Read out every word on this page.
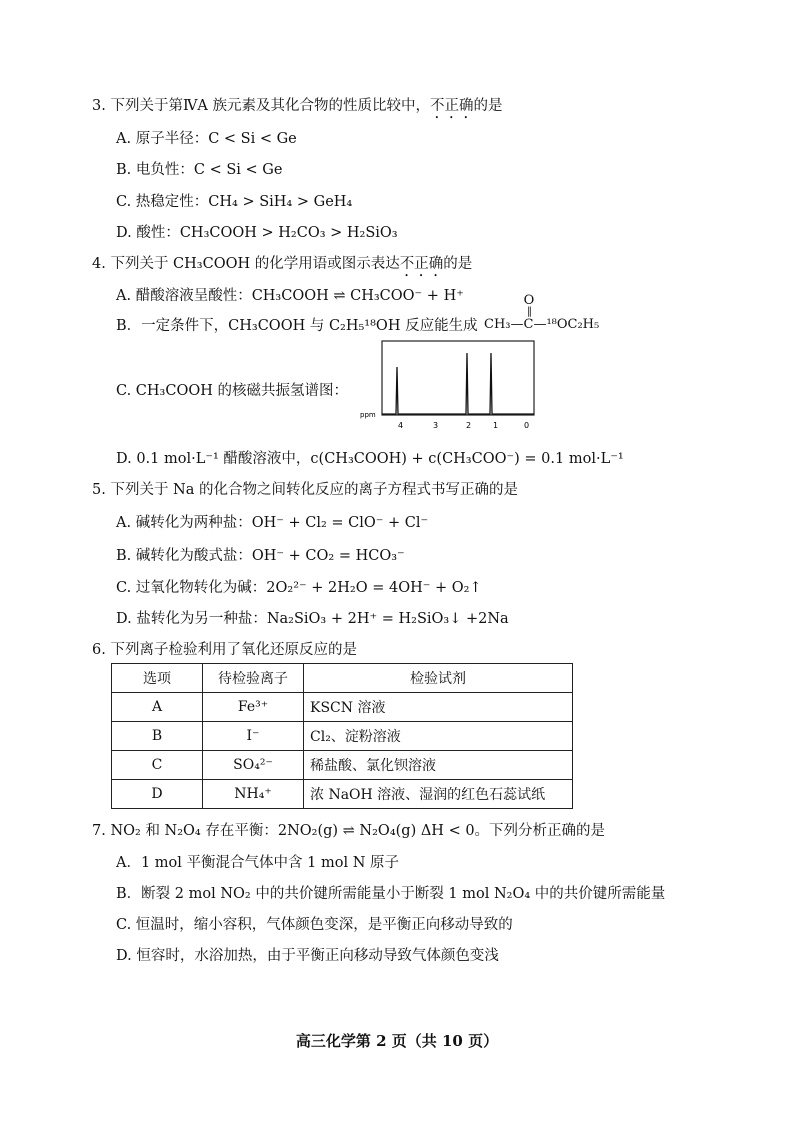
3. 下列关于第ⅣA 族元素及其化合物的性质比较中，不正确的是
A. 原子半径：C < Si < Ge
B. 电负性：C < Si < Ge
C. 热稳定性：CH₄ > SiH₄ > GeH₄
D. 酸性：CH₃COOH > H₂CO₃ > H₂SiO₃
4. 下列关于 CH₃COOH 的化学用语或图示表达不正确的是
A. 醋酸溶液呈酸性：CH₃COOH ⇌ CH₃COO⁻ + H⁺
B．一定条件下，CH₃COOH 与 C₂H₅¹⁸OH 反应能生成
O
‖
CH₃—C—¹⁸OC₂H₅
C. CH₃COOH 的核磁共振氢谱图：
ppm
4	3	2	1	0
D. 0.1 mol·L⁻¹ 醋酸溶液中，c(CH₃COOH) + c(CH₃COO⁻) = 0.1 mol·L⁻¹
5. 下列关于 Na 的化合物之间转化反应的离子方程式书写正确的是
A. 碱转化为两种盐：OH⁻ + Cl₂ = ClO⁻ + Cl⁻
B. 碱转化为酸式盐：OH⁻ + CO₂ = HCO₃⁻
C. 过氧化物转化为碱：2O₂²⁻ + 2H₂O = 4OH⁻ + O₂↑
D. 盐转化为另一种盐：Na₂SiO₃ + 2H⁺ = H₂SiO₃↓ +2Na
6. 下列离子检验利用了氧化还原反应的是
选项	待检验离子	检验试剂
A	Fe³⁺	KSCN 溶液
B	I⁻	Cl₂、淀粉溶液
C	SO₄²⁻	稀盐酸、氯化钡溶液
D	NH₄⁺	浓 NaOH 溶液、湿润的红色石蕊试纸
7. NO₂ 和 N₂O₄ 存在平衡：2NO₂(g) ⇌ N₂O₄(g) ΔH < 0。下列分析正确的是
A．1 mol 平衡混合气体中含 1 mol N 原子
B．断裂 2 mol NO₂ 中的共价键所需能量小于断裂 1 mol N₂O₄ 中的共价键所需能量
C. 恒温时，缩小容积，气体颜色变深，是平衡正向移动导致的
D. 恒容时，水浴加热，由于平衡正向移动导致气体颜色变浅
高三化学第 2 页（共 10 页）
